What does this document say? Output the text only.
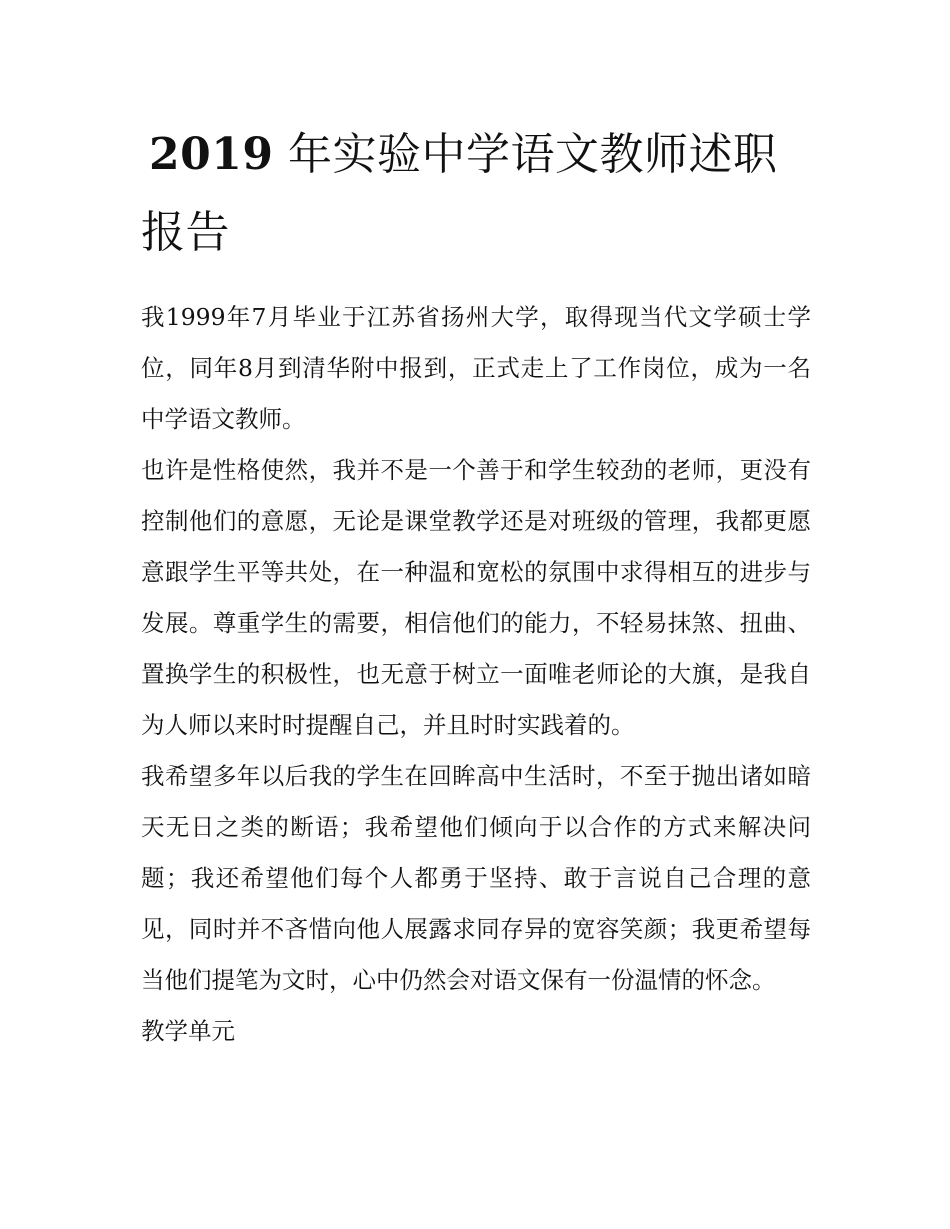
2019 年实验中学语文教师述职报告

我1999年7月毕业于江苏省扬州大学，取得现当代文学硕士学位，同年8月到清华附中报到，正式走上了工作岗位，成为一名中学语文教师。

也许是性格使然，我并不是一个善于和学生较劲的老师，更没有控制他们的意愿，无论是课堂教学还是对班级的管理，我都更愿意跟学生平等共处，在一种温和宽松的氛围中求得相互的进步与发展。尊重学生的需要，相信他们的能力，不轻易抹煞、扭曲、置换学生的积极性，也无意于树立一面唯老师论的大旗，是我自为人师以来时时提醒自己，并且时时实践着的。

我希望多年以后我的学生在回眸高中生活时，不至于抛出诸如暗天无日之类的断语；我希望他们倾向于以合作的方式来解决问题；我还希望他们每个人都勇于坚持、敢于言说自己合理的意见，同时并不吝惜向他人展露求同存异的宽容笑颜；我更希望每当他们提笔为文时，心中仍然会对语文保有一份温情的怀念。

教学单元
